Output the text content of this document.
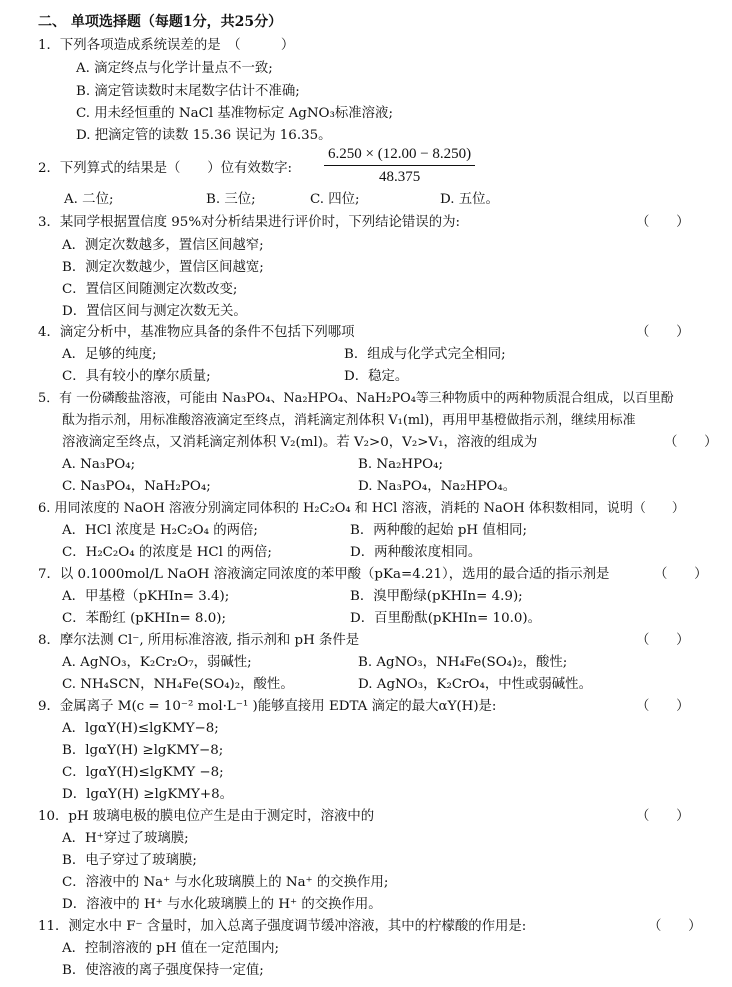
二、 单项选择题（每题1分，共25分）
1．下列各项造成系统误差的是　（　　　）
A. 滴定终点与化学计量点不一致;
B. 滴定管读数时末尾数字估计不准确;
C. 用未经恒重的 NaCl 基准物标定 AgNO₃标准溶液;
D. 把滴定管的读数 15.36 误记为 16.35。
2．下列算式的结果是（　　）位有效数字: $\frac{6.250 \times (12.00 - 8.250)}{48.375}$
A. 二位;	B. 三位;	C. 四位;	D. 五位。
3．某同学根据置信度 95%对分析结果进行评价时，下列结论错误的为:	（　　）
A．测定次数越多，置信区间越窄;
B．测定次数越少，置信区间越宽;
C．置信区间随测定次数改变;
D．置信区间与测定次数无关。
4．滴定分析中，基准物应具备的条件不包括下列哪项	（　　）
A．足够的纯度;	B．组成与化学式完全相同;
C．具有较小的摩尔质量;	D．稳定。
5．有 一份磷酸盐溶液，可能由 Na₃PO₄、Na₂HPO₄、NaH₂PO₄等三种物质中的两种物质混合组成，以百里酚
酞为指示剂，用标准酸溶液滴定至终点，消耗滴定剂体积 V₁(ml)，再用甲基橙做指示剂，继续用标准
溶液滴定至终点，又消耗滴定剂体积 V₂(ml)。若 V₂>0，V₂>V₁，溶液的组成为	（　　）
A. Na₃PO₄;	B. Na₂HPO₄;
C. Na₃PO₄，NaH₂PO₄;	D. Na₃PO₄，Na₂HPO₄。
6. 用同浓度的 NaOH 溶液分别滴定同体积的 H₂C₂O₄ 和 HCl 溶液，消耗的 NaOH 体积数相同，说明（　　）
A．HCl 浓度是 H₂C₂O₄ 的两倍;	B．两种酸的起始 pH 值相同;
C．H₂C₂O₄ 的浓度是 HCl 的两倍;	D．两种酸浓度相同。
7．以 0.1000mol/L NaOH 溶液滴定同浓度的苯甲酸（pKa=4.21），选用的最合适的指示剂是	（　　）
A．甲基橙（pKHIn= 3.4);	B．溴甲酚绿(pKHIn= 4.9);
C．苯酚红 (pKHIn= 8.0);	D．百里酚酞(pKHIn= 10.0)。
8．摩尔法测 Cl⁻, 所用标准溶液, 指示剂和 pH 条件是	（　　）
A. AgNO₃，K₂Cr₂O₇，弱碱性;	B. AgNO₃，NH₄Fe(SO₄)₂，酸性;
C. NH₄SCN，NH₄Fe(SO₄)₂，酸性。	D. AgNO₃，K₂CrO₄，中性或弱碱性。
9．金属离子 M(c = 10⁻² mol·L⁻¹ )能够直接用 EDTA 滴定的最大αY(H)是:	（　　）
A．lgαY(H)≤lgKMY−8;
B．lgαY(H) ≥lgKMY−8;
C．lgαY(H)≤lgKMY −8;
D．lgαY(H) ≥lgKMY+8。
10．pH 玻璃电极的膜电位产生是由于测定时，溶液中的	（　　）
A．H⁺穿过了玻璃膜;
B．电子穿过了玻璃膜;
C．溶液中的 Na⁺ 与水化玻璃膜上的 Na⁺ 的交换作用;
D．溶液中的 H⁺ 与水化玻璃膜上的 H⁺ 的交换作用。
11．测定水中 F⁻ 含量时，加入总离子强度调节缓冲溶液，其中的柠檬酸的作用是:	（　　）
A．控制溶液的 pH 值在一定范围内;
B．使溶液的离子强度保持一定值;
